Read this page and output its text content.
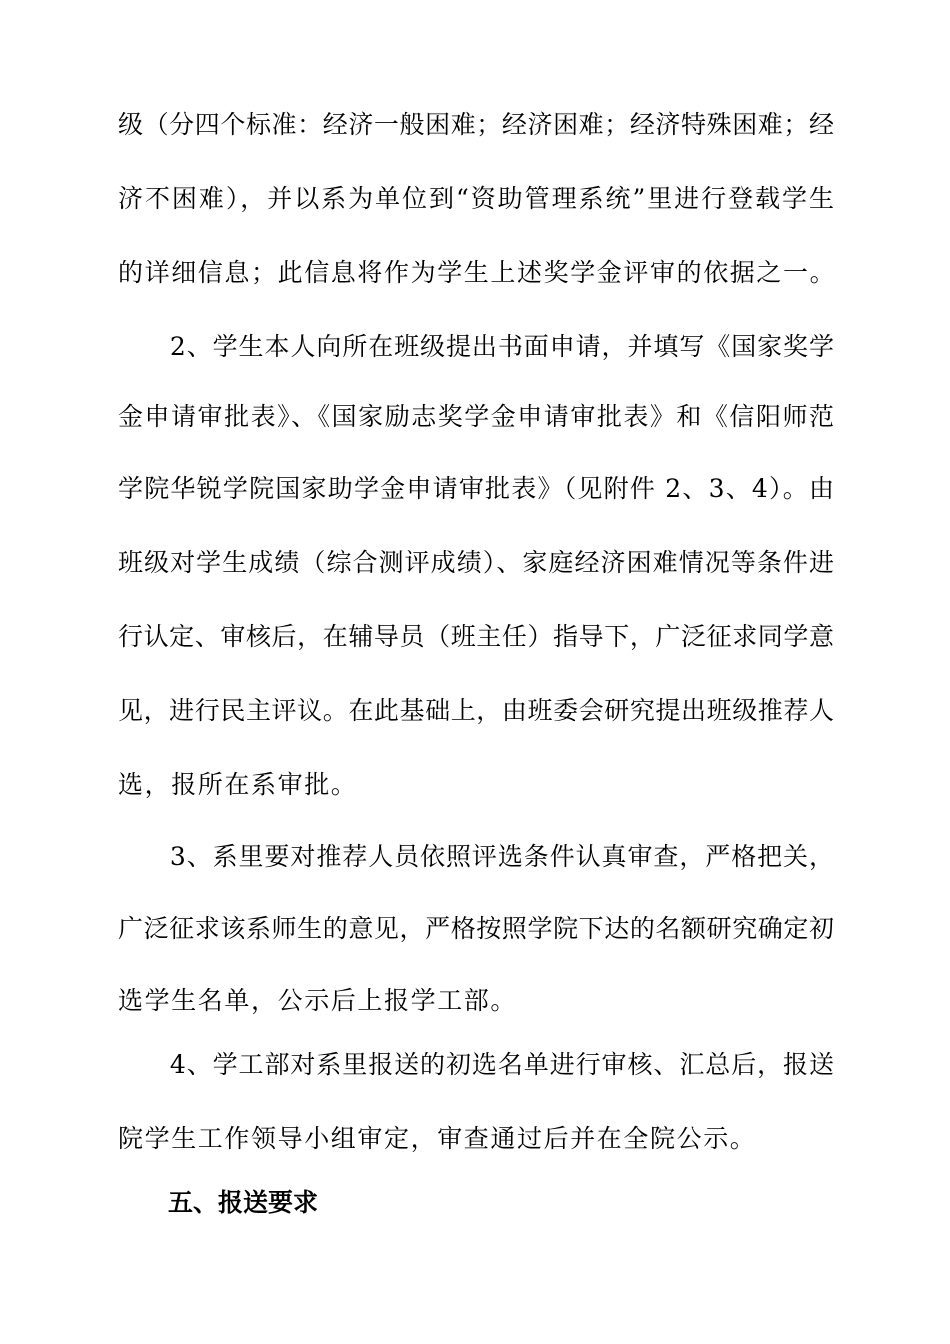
级（分四个标准：经济一般困难；经济困难；经济特殊困难；经
济不困难），并以系为单位到“资助管理系统”里进行登载学生
的详细信息；此信息将作为学生上述奖学金评审的依据之一。
　　2、学生本人向所在班级提出书面申请，并填写《国家奖学
金申请审批表》、《国家励志奖学金申请审批表》和《信阳师范
学院华锐学院国家助学金申请审批表》（见附件 2、3、4）。由
班级对学生成绩（综合测评成绩）、家庭经济困难情况等条件进
行认定、审核后，在辅导员（班主任）指导下，广泛征求同学意
见，进行民主评议。在此基础上，由班委会研究提出班级推荐人
选，报所在系审批。
　　3、系里要对推荐人员依照评选条件认真审查，严格把关，
广泛征求该系师生的意见，严格按照学院下达的名额研究确定初
选学生名单，公示后上报学工部。
　　4、学工部对系里报送的初选名单进行审核、汇总后，报送
院学生工作领导小组审定，审查通过后并在全院公示。
五、报送要求
